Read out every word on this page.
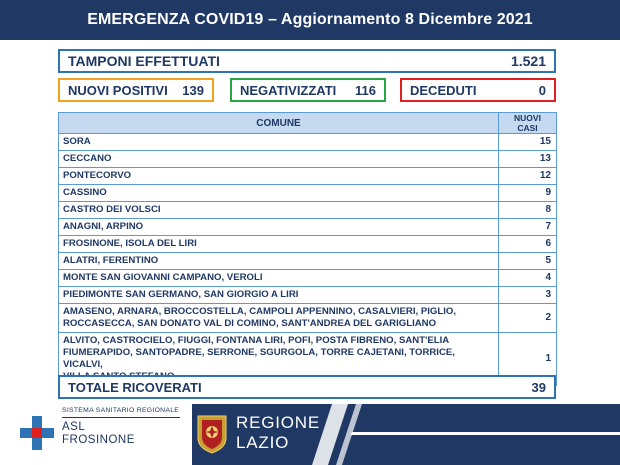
EMERGENZA COVID19 – Aggiornamento 8 Dicembre 2021
TAMPONI EFFETTUATI	1.521
NUOVI POSITIVI 139	NEGATIVIZZATI 116	DECEDUTI	0
COMUNE	NUOVI CASI
SORA	15
CECCANO	13
PONTECORVO	12
CASSINO	9
CASTRO DEI VOLSCI	8
ANAGNI, ARPINO	7
FROSINONE, ISOLA DEL LIRI	6
ALATRI, FERENTINO	5
MONTE SAN GIOVANNI CAMPANO, VEROLI	4
PIEDIMONTE SAN GERMANO, SAN GIORGIO A LIRI	3

AMASENO, ARNARA, BROCCOSTELLA, CAMPOLI APPENNINO, CASALVIERI, PIGLIO,
ROCCASECCA, SAN DONATO VAL DI COMINO, SANT'ANDREA DEL GARIGLIANO	2

ALVITO, CASTROCIELO, FIUGGI, FONTANA LIRI, POFI, POSTA FIBRENO, SANT'ELIA
FIUMERAPIDO, SANTOPADRE, SERRONE, SGURGOLA, TORRE CAJETANI, TORRICE, VICALVI,	1
TOTALE RICOVERATI	39
SISTEMA SANITARIO REGIONALE
ASL
FROSINONE
REGIONE
LAZIO
